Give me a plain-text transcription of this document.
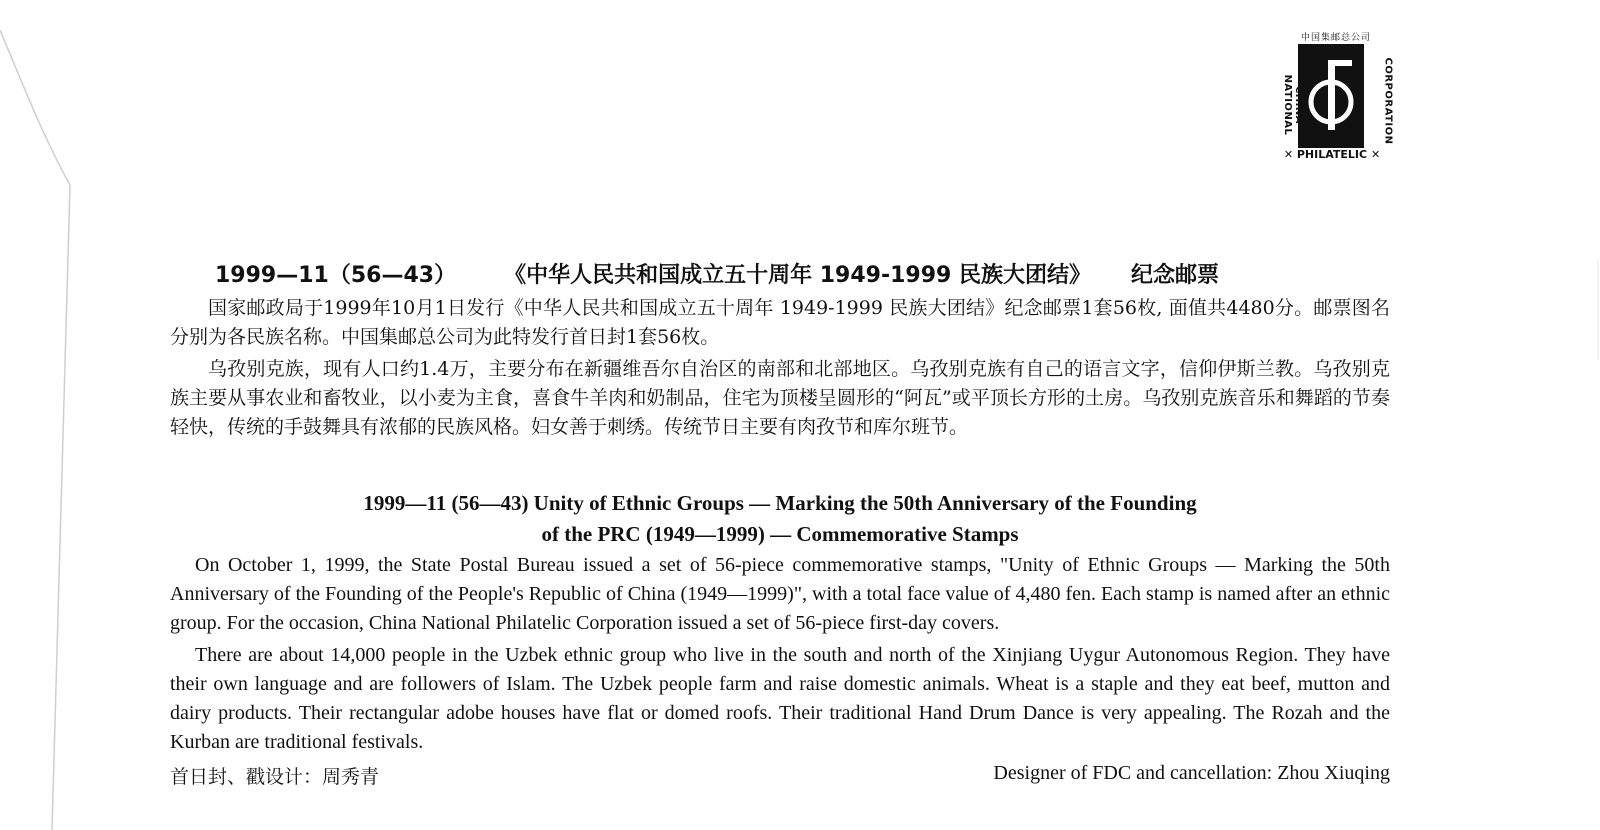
中国集邮总公司
CHINA NATIONAL	CORPORATION
✕ PHILATELIC ✕
1999—11（56—43） 《中华人民共和国成立五十周年 1949-1999 民族大团结》 纪念邮票

国家邮政局于1999年10月1日发行《中华人民共和国成立五十周年 1949-1999 民族大团结》纪念邮票1套56枚, 面值共4480分。邮票图名分别为各民族名称。中国集邮总公司为此特发行首日封1套56枚。

乌孜别克族，现有人口约1.4万，主要分布在新疆维吾尔自治区的南部和北部地区。乌孜别克族有自己的语言文字，信仰伊斯兰教。乌孜别克族主要从事农业和畜牧业，以小麦为主食，喜食牛羊肉和奶制品，住宅为顶楼呈圆形的“阿瓦”或平顶长方形的土房。乌孜别克族音乐和舞蹈的节奏轻快，传统的手鼓舞具有浓郁的民族风格。妇女善于刺绣。传统节日主要有肉孜节和库尔班节。

1999—11 (56—43) Unity of Ethnic Groups — Marking the 50th Anniversary of the Founding
of the PRC (1949—1999) — Commemorative Stamps

On October 1, 1999, the State Postal Bureau issued a set of 56-piece commemorative stamps, "Unity of Ethnic Groups — Marking the 50th Anniversary of the Founding of the People's Republic of China (1949—1999)", with a total face value of 4,480 fen. Each stamp is named after an ethnic group. For the occasion, China National Philatelic Corporation issued a set of 56-piece first-day covers.

There are about 14,000 people in the Uzbek ethnic group who live in the south and north of the Xinjiang Uygur Autonomous Region. They have their own language and are followers of Islam. The Uzbek people farm and raise domestic animals. Wheat is a staple and they eat beef, mutton and dairy products. Their rectangular adobe houses have flat or domed roofs. Their traditional Hand Drum Dance is very appealing. The Rozah and the Kurban are traditional festivals.

首日封、戳设计：周秀青	Designer of FDC and cancellation: Zhou Xiuqing
